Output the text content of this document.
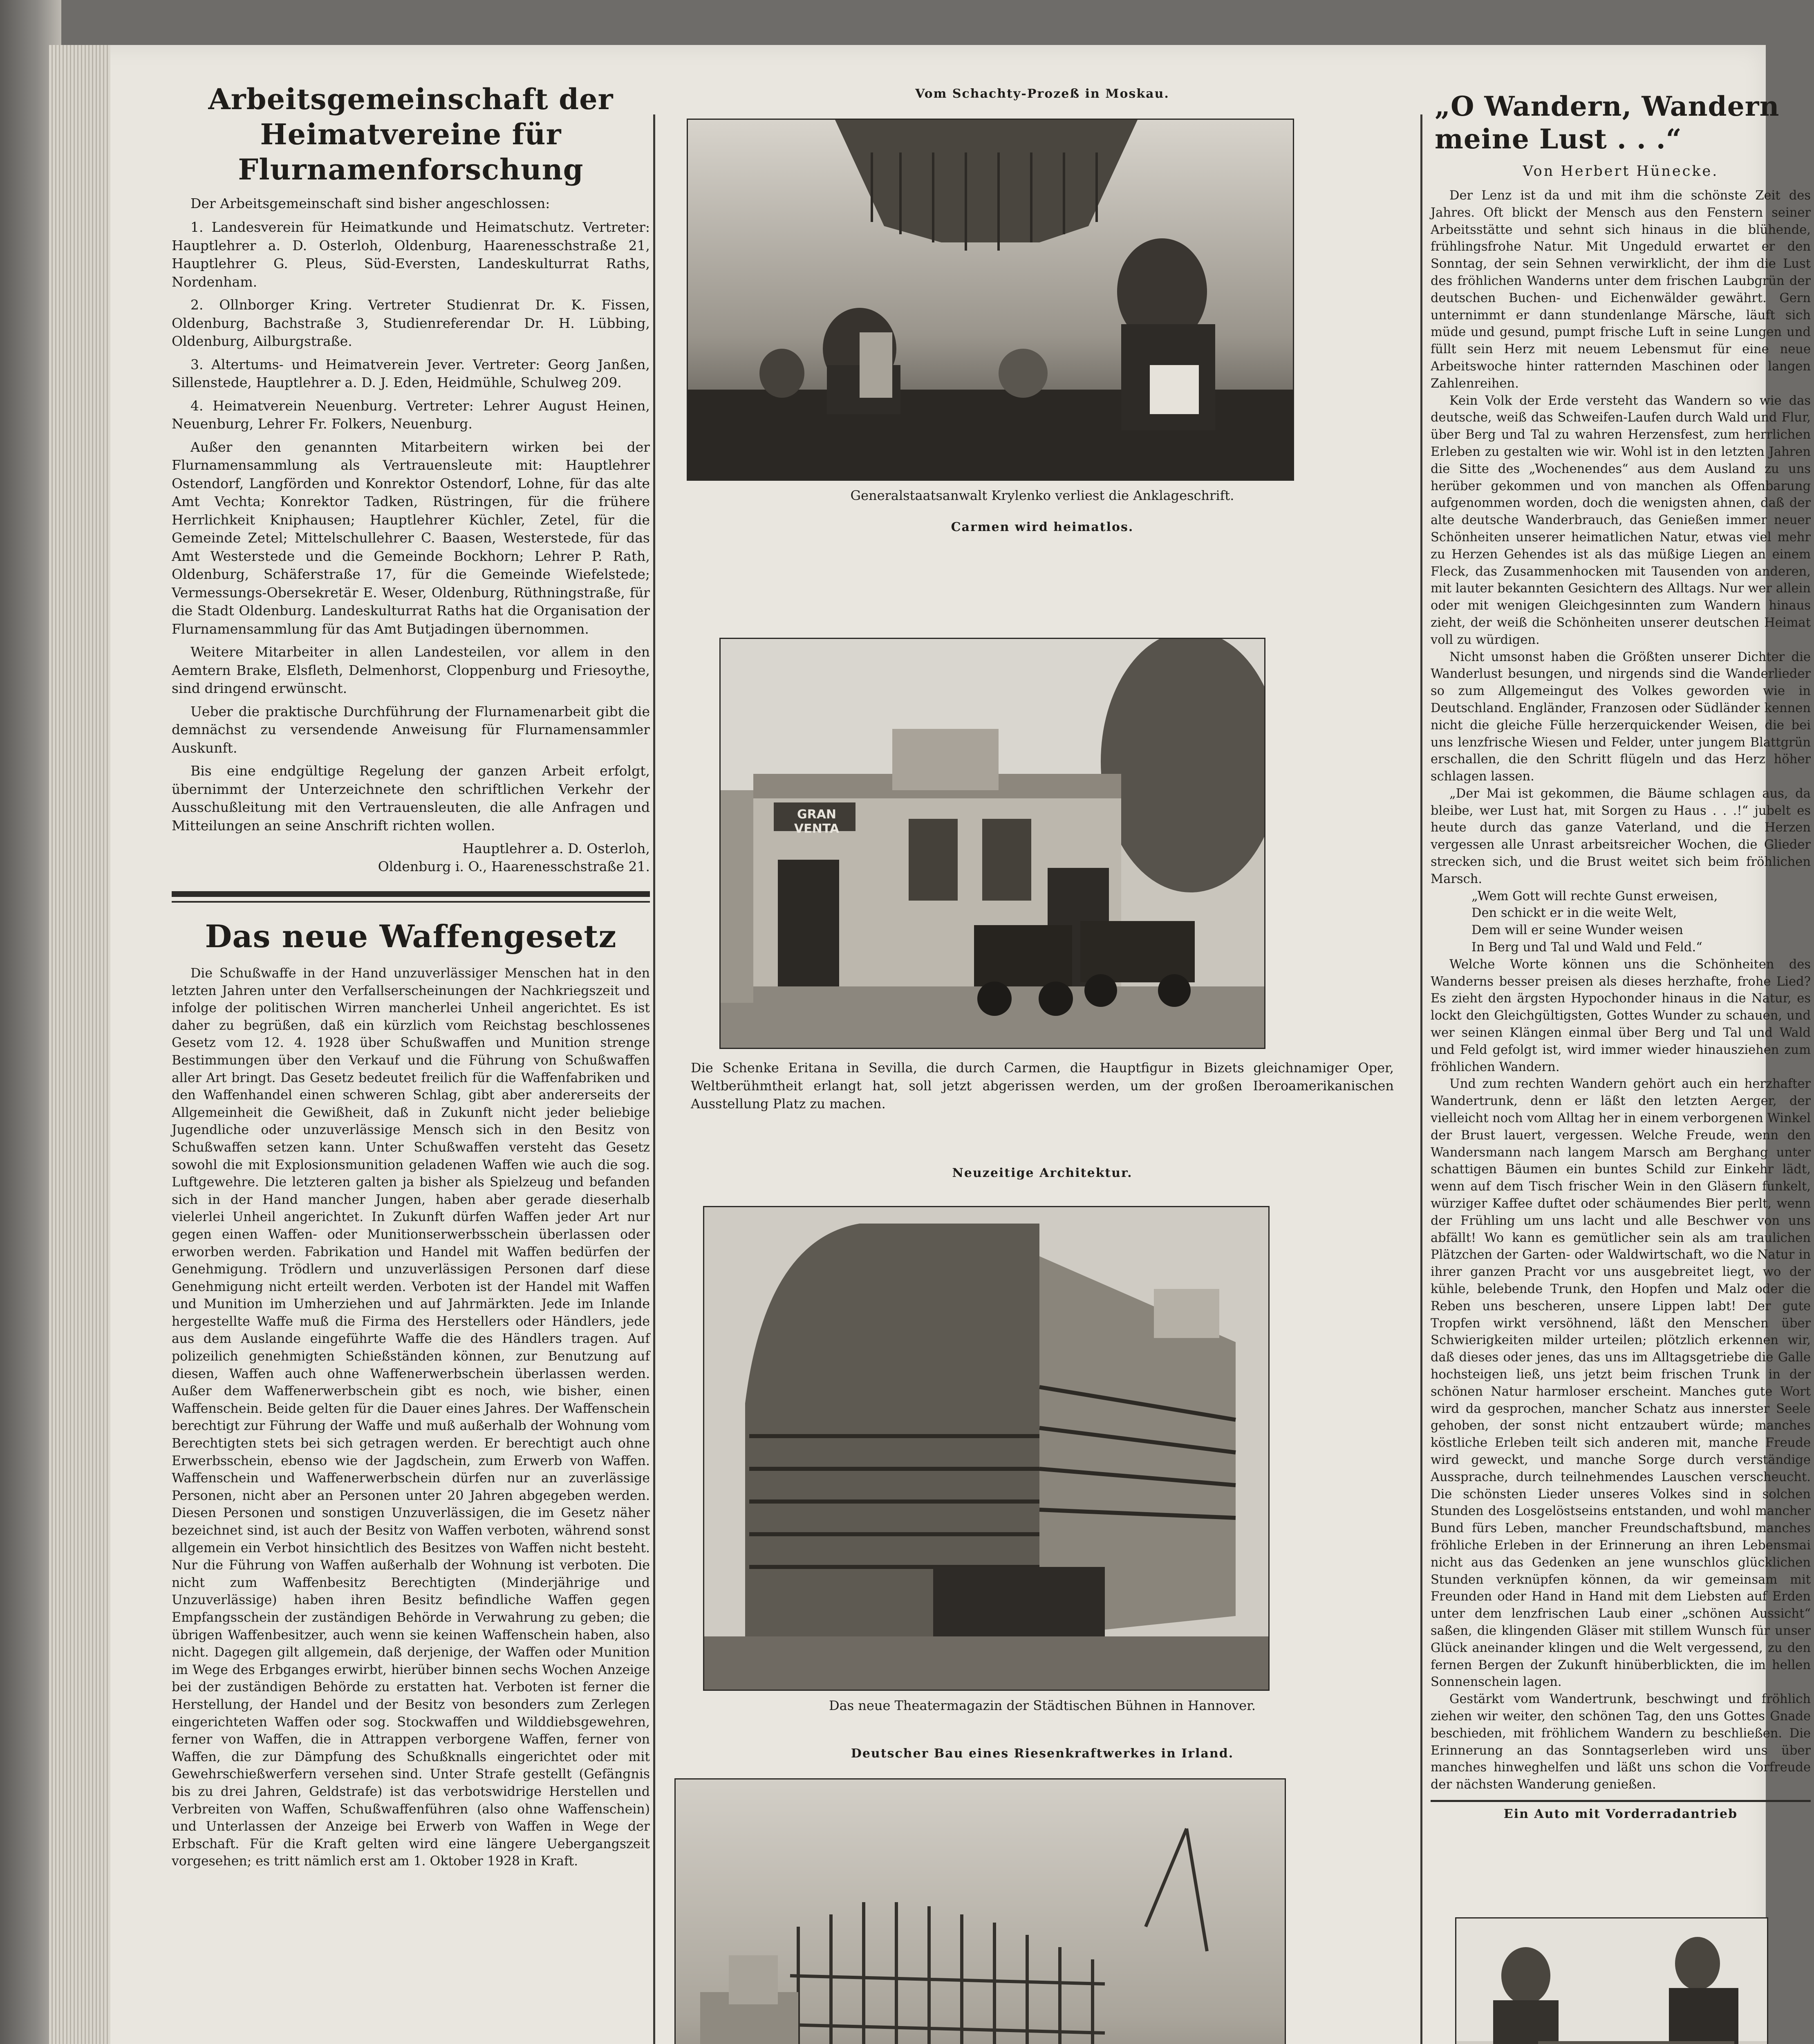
Arbeitsgemeinschaft der Heimatvereine für Flurnamenforschung
Der Arbeitsgemeinschaft sind bisher angeschlossen:

1. Landesverein für Heimatkunde und Heimatschutz. Vertreter: Hauptlehrer a. D. Osterloh, Oldenburg, Haarenesschstraße 21, Hauptlehrer G. Pleus, Süd-Eversten, Landeskulturrat Raths, Nordenham.

2. Ollnborger Kring. Vertreter Studienrat Dr. K. Fissen, Oldenburg, Bachstraße 3, Studienreferendar Dr. H. Lübbing, Oldenburg, Ailburgstraße.

3. Altertums- und Heimatverein Jever. Vertreter: Georg Janßen, Sillenstede, Hauptlehrer a. D. J. Eden, Heidmühle, Schulweg 209.

4. Heimatverein Neuenburg. Vertreter: Lehrer August Heinen, Neuenburg, Lehrer Fr. Folkers, Neuenburg.

Außer den genannten Mitarbeitern wirken bei der Flurnamensammlung als Vertrauensleute mit: Hauptlehrer Ostendorf, Langförden und Konrektor Ostendorf, Lohne, für das alte Amt Vechta; Konrektor Tadken, Rüstringen, für die frühere Herrlichkeit Kniphausen; Hauptlehrer Küchler, Zetel, für die Gemeinde Zetel; Mittelschullehrer C. Baasen, Westerstede, für das Amt Westerstede und die Gemeinde Bockhorn; Lehrer P. Rath, Oldenburg, Schäferstraße 17, für die Gemeinde Wiefelstede; Vermessungs-Obersekretär E. Weser, Oldenburg, Rüthningstraße, für die Stadt Oldenburg. Landeskulturrat Raths hat die Organisation der Flurnamensammlung für das Amt Butjadingen übernommen.

Weitere Mitarbeiter in allen Landesteilen, vor allem in den Aemtern Brake, Elsfleth, Delmenhorst, Cloppenburg und Friesoythe, sind dringend erwünscht.

Ueber die praktische Durchführung der Flurnamenarbeit gibt die demnächst zu versendende Anweisung für Flurnamensammler Auskunft.

Bis eine endgültige Regelung der ganzen Arbeit erfolgt, übernimmt der Unterzeichnete den schriftlichen Verkehr der Ausschußleitung mit den Vertrauensleuten, die alle Anfragen und Mitteilungen an seine Anschrift richten wollen.

Hauptlehrer a. D. Osterloh,

Oldenburg i. O., Haarenesschstraße 21.

Das neue Waffengesetz

Die Schußwaffe in der Hand unzuverlässiger Menschen hat in den letzten Jahren unter den Verfallserscheinungen der Nachkriegszeit und infolge der politischen Wirren mancherlei Unheil angerichtet. Es ist daher zu begrüßen, daß ein kürzlich vom Reichstag beschlossenes Gesetz vom 12. 4. 1928 über Schußwaffen und Munition strenge Bestimmungen über den Verkauf und die Führung von Schußwaffen aller Art bringt. Das Gesetz bedeutet freilich für die Waffenfabriken und den Waffenhandel einen schweren Schlag, gibt aber andererseits der Allgemeinheit die Gewißheit, daß in Zukunft nicht jeder beliebige Jugendliche oder unzuverlässige Mensch sich in den Besitz von Schußwaffen setzen kann. Unter Schußwaffen versteht das Gesetz sowohl die mit Explosionsmunition geladenen Waffen wie auch die sog. Luftgewehre. Die letzteren galten ja bisher als Spielzeug und befanden sich in der Hand mancher Jungen, haben aber gerade dieserhalb vielerlei Unheil angerichtet. In Zukunft dürfen Waffen jeder Art nur gegen einen Waffen- oder Munitionserwerbsschein überlassen oder erworben werden. Fabrikation und Handel mit Waffen bedürfen der Genehmigung. Trödlern und unzuverlässigen Personen darf diese Genehmigung nicht erteilt werden. Verboten ist der Handel mit Waffen und Munition im Umherziehen und auf Jahrmärkten. Jede im Inlande hergestellte Waffe muß die Firma des Herstellers oder Händlers, jede aus dem Auslande eingeführte Waffe die des Händlers tragen. Auf polizeilich genehmigten Schießständen können, zur Benutzung auf diesen, Waffen auch ohne Waffenerwerbschein überlassen werden. Außer dem Waffenerwerbschein gibt es noch, wie bisher, einen Waffenschein. Beide gelten für die Dauer eines Jahres. Der Waffenschein berechtigt zur Führung der Waffe und muß außerhalb der Wohnung vom Berechtigten stets bei sich getragen werden. Er berechtigt auch ohne Erwerbsschein, ebenso wie der Jagdschein, zum Erwerb von Waffen. Waffenschein und Waffenerwerbschein dürfen nur an zuverlässige Personen, nicht aber an Personen unter 20 Jahren abgegeben werden. Diesen Personen und sonstigen Unzuverlässigen, die im Gesetz näher bezeichnet sind, ist auch der Besitz von Waffen verboten, während sonst allgemein ein Verbot hinsichtlich des Besitzes von Waffen nicht besteht. Nur die Führung von Waffen außerhalb der Wohnung ist verboten. Die nicht zum Waffenbesitz Berechtigten (Minderjährige und Unzuverlässige) haben ihren Besitz befindliche Waffen gegen Empfangsschein der zuständigen Behörde in Verwahrung zu geben; die übrigen Waffenbesitzer, auch wenn sie keinen Waffenschein haben, also nicht. Dagegen gilt allgemein, daß derjenige, der Waffen oder Munition im Wege des Erbganges erwirbt, hierüber binnen sechs Wochen Anzeige bei der zuständigen Behörde zu erstatten hat. Verboten ist ferner die Herstellung, der Handel und der Besitz von besonders zum Zerlegen eingerichteten Waffen oder sog. Stockwaffen und Wilddiebsgewehren, ferner von Waffen, die in Attrappen verborgene Waffen, ferner von Waffen, die zur Dämpfung des Schußknalls eingerichtet oder mit Gewehrschießwerfern versehen sind. Unter Strafe gestellt (Gefängnis bis zu drei Jahren, Geldstrafe) ist das verbotswidrige Herstellen und Verbreiten von Waffen, Schußwaffenführen (also ohne Waffenschein) und Unterlassen der Anzeige bei Erwerb von Waffen in Wege der Erbschaft. Für die Kraft gelten wird eine längere Uebergangszeit vorgesehen; es tritt nämlich erst am 1. Oktober 1928 in Kraft.

Vom Schachty-Prozeß in Moskau.

Generalstaatsanwalt Krylenko verliest die Anklageschrift.

Carmen wird heimatlos.

GRAN VENTA

Die Schenke Eritana in Sevilla, die durch Carmen, die Hauptfigur in Bizets gleichnamiger Oper, Weltberühmtheit erlangt hat, soll jetzt abgerissen werden, um der großen Iberoamerikanischen Ausstellung Platz zu machen.

Neuzeitige Architektur.

Das neue Theatermagazin der Städtischen Bühnen in Hannover.

Deutscher Bau eines Riesenkraftwerkes in Irland.

„O Wandern, Wandern meine Lust . . .“
Von Herbert Hünecke.

Der Lenz ist da und mit ihm die schönste Zeit des Jahres. Oft blickt der Mensch aus den Fenstern seiner Arbeitsstätte und sehnt sich hinaus in die blühende, frühlingsfrohe Natur. Mit Ungeduld erwartet er den Sonntag, der sein Sehnen verwirklicht, der ihm die Lust des fröhlichen Wanderns unter dem frischen Laubgrün der deutschen Buchen- und Eichenwälder gewährt. Gern unternimmt er dann stundenlange Märsche, läuft sich müde und gesund, pumpt frische Luft in seine Lungen und füllt sein Herz mit neuem Lebensmut für eine neue Arbeitswoche hinter ratternden Maschinen oder langen Zahlenreihen.

Kein Volk der Erde versteht das Wandern so wie das deutsche, weiß das Schweifen-Laufen durch Wald und Flur, über Berg und Tal zu wahren Herzensfest, zum herrlichen Erleben zu gestalten wie wir. Wohl ist in den letzten Jahren die Sitte des „Wochenendes“ aus dem Ausland zu uns herüber gekommen und von manchen als Offenbarung aufgenommen worden, doch die wenigsten ahnen, daß der alte deutsche Wanderbrauch, das Genießen immer neuer Schönheiten unserer heimatlichen Natur, etwas viel mehr zu Herzen Gehendes ist als das müßige Liegen an einem Fleck, das Zusammenhocken mit Tausenden von anderen, mit lauter bekannten Gesichtern des Alltags. Nur wer allein oder mit wenigen Gleichgesinnten zum Wandern hinaus zieht, der weiß die Schönheiten unserer deutschen Heimat voll zu würdigen.

Nicht umsonst haben die Größten unserer Dichter die Wanderlust besungen, und nirgends sind die Wanderlieder so zum Allgemeingut des Volkes geworden wie in Deutschland. Engländer, Franzosen oder Südländer kennen nicht die gleiche Fülle herzerquickender Weisen, die bei uns lenzfrische Wiesen und Felder, unter jungem Blattgrün erschallen, die den Schritt flügeln und das Herz höher schlagen lassen.

„Der Mai ist gekommen, die Bäume schlagen aus, da bleibe, wer Lust hat, mit Sorgen zu Haus . . .!“ jubelt es heute durch das ganze Vaterland, und die Herzen vergessen alle Unrast arbeitsreicher Wochen, die Glieder strecken sich, und die Brust weitet sich beim fröhlichen Marsch.

„Wem Gott will rechte Gunst erweisen,

Den schickt er in die weite Welt,

Dem will er seine Wunder weisen

In Berg und Tal und Wald und Feld.“

Welche Worte können uns die Schönheiten des Wanderns besser preisen als dieses herzhafte, frohe Lied? Es zieht den ärgsten Hypochonder hinaus in die Natur, es lockt den Gleichgültigsten, Gottes Wunder zu schauen, und wer seinen Klängen einmal über Berg und Tal und Wald und Feld gefolgt ist, wird immer wieder hinausziehen zum fröhlichen Wandern.

Und zum rechten Wandern gehört auch ein herzhafter Wandertrunk, denn er läßt den letzten Aerger, der vielleicht noch vom Alltag her in einem verborgenen Winkel der Brust lauert, vergessen. Welche Freude, wenn den Wandersmann nach langem Marsch am Berghang unter schattigen Bäumen ein buntes Schild zur Einkehr lädt, wenn auf dem Tisch frischer Wein in den Gläsern funkelt, würziger Kaffee duftet oder schäumendes Bier perlt, wenn der Frühling um uns lacht und alle Beschwer von uns abfällt! Wo kann es gemütlicher sein als am traulichen Plätzchen der Garten- oder Waldwirtschaft, wo die Natur in ihrer ganzen Pracht vor uns ausgebreitet liegt, wo der kühle, belebende Trunk, den Hopfen und Malz oder die Reben uns bescheren, unsere Lippen labt! Der gute Tropfen wirkt versöhnend, läßt den Menschen über Schwierigkeiten milder urteilen; plötzlich erkennen wir, daß dieses oder jenes, das uns im Alltagsgetriebe die Galle hochsteigen ließ, uns jetzt beim frischen Trunk in der schönen Natur harmloser erscheint. Manches gute Wort wird da gesprochen, mancher Schatz aus innerster Seele gehoben, der sonst nicht entzaubert würde; manches köstliche Erleben teilt sich anderen mit, manche Freude wird geweckt, und manche Sorge durch verständige Aussprache, durch teilnehmendes Lauschen verscheucht. Die schönsten Lieder unseres Volkes sind in solchen Stunden des Losgelöstseins entstanden, und wohl mancher Bund fürs Leben, mancher Freundschaftsbund, manches fröhliche Erleben in der Erinnerung an ihren Lebensmai nicht aus das Gedenken an jene wunschlos glücklichen Stunden verknüpfen können, da wir gemeinsam mit Freunden oder Hand in Hand mit dem Liebsten auf Erden unter dem lenzfrischen Laub einer „schönen Aussicht“ saßen, die klingenden Gläser mit stillem Wunsch für unser Glück aneinander klingen und die Welt vergessend, zu den fernen Bergen der Zukunft hinüberblickten, die im hellen Sonnenschein lagen.

Gestärkt vom Wandertrunk, beschwingt und fröhlich ziehen wir weiter, den schönen Tag, den uns Gottes Gnade beschieden, mit fröhlichem Wandern zu beschließen. Die Erinnerung an das Sonntagserleben wird uns über manches hinweghelfen und läßt uns schon die Vorfreude der nächsten Wanderung genießen.

Ein Auto mit Vorderradantrieb
